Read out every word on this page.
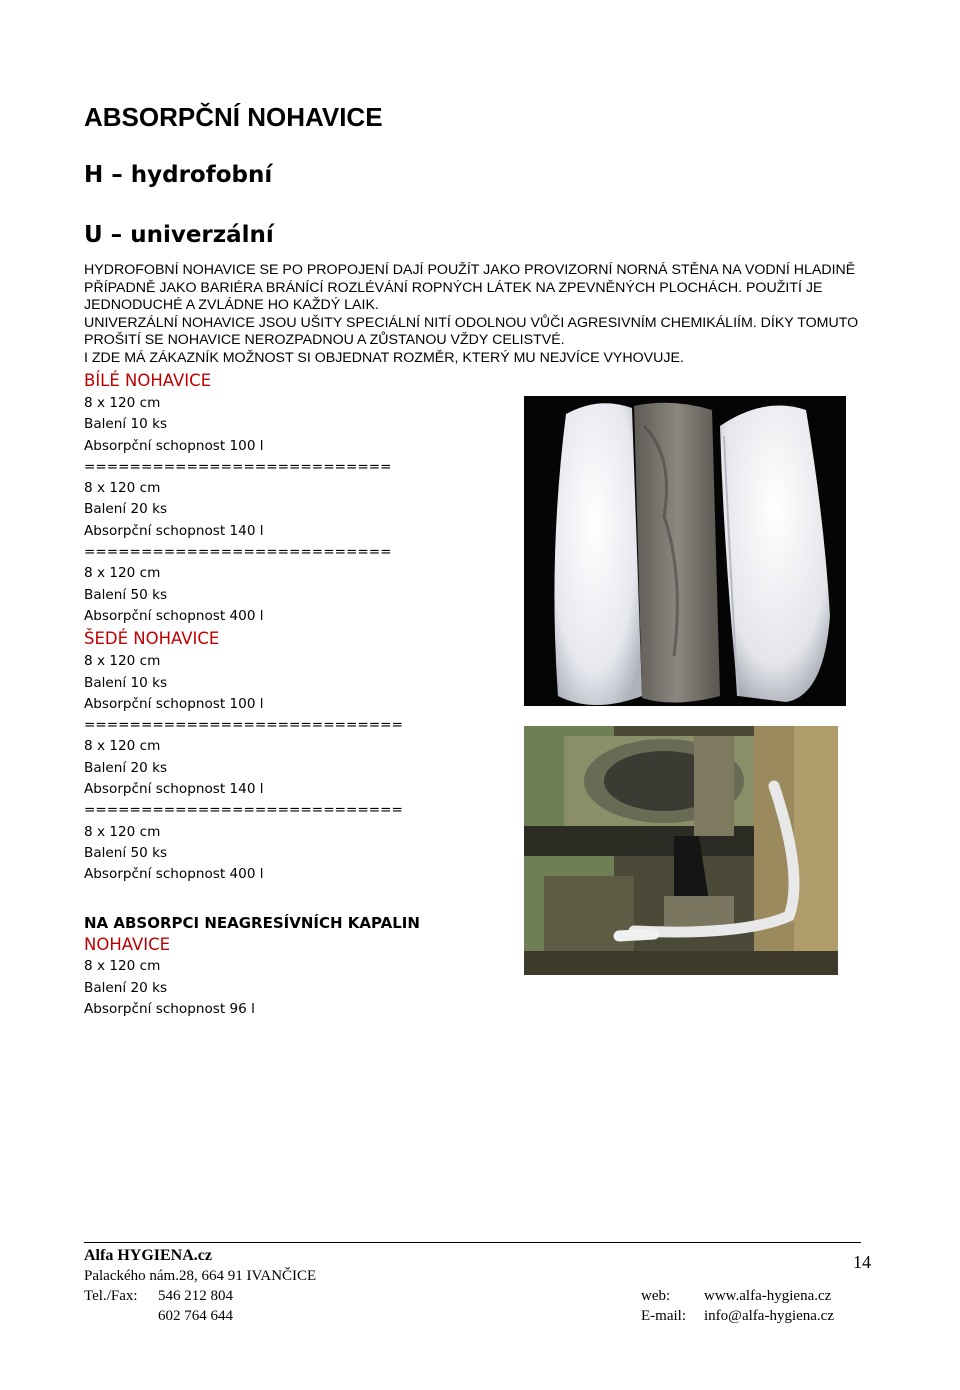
ABSORPČNÍ NOHAVICE
H – hydrofobní
U – univerzální

HYDROFOBNÍ NOHAVICE SE PO PROPOJENÍ DAJÍ POUŽÍT JAKO PROVIZORNÍ NORNÁ STĚNA NA VODNÍ HLADINĚ PŘÍPADNĚ JAKO BARIÉRA BRÁNÍCÍ ROZLÉVÁNÍ ROPNÝCH LÁTEK NA ZPEVNĚNÝCH PLOCHÁCH. POUŽITÍ JE JEDNODUCHÉ A ZVLÁDNE HO KAŽDÝ LAIK.

UNIVERZÁLNÍ NOHAVICE JSOU UŠITY SPECIÁLNÍ NITÍ ODOLNOU VŮČI AGRESIVNÍM CHEMIKÁLIÍM. DÍKY TOMUTO PROŠITÍ SE NOHAVICE NEROZPADNOU A ZŮSTANOU VŽDY CELISTVÉ.

I ZDE MÁ ZÁKAZNÍK MOŽNOST SI OBJEDNAT ROZMĚR, KTERÝ MU NEJVÍCE VYHOVUJE.

BÍLÉ NOHAVICE
8 x 120 cm
Balení 10 ks
Absorpční schopnost 100 l
===========================
8 x 120 cm
Balení 20 ks
Absorpční schopnost 140 l
===========================
8 x 120 cm
Balení 50 ks
Absorpční schopnost 400 l
ŠEDÉ NOHAVICE
8 x 120 cm
Balení 10 ks
Absorpční schopnost 100 l
============================
8 x 120 cm
Balení 20 ks
Absorpční schopnost 140 l
============================
8 x 120 cm
Balení 50 ks
Absorpční schopnost 400 l
NA ABSORPCI NEAGRESÍVNÍCH KAPALIN
NOHAVICE
8 x 120 cm
Balení 20 ks
Absorpční schopnost 96 l
Alfa HYGIENA.cz
Palackého nám.28, 664 91 IVANČICE
Tel./Fax: 546 212 804
602 764 644
web: www.alfa-hygiena.cz
E-mail: info@alfa-hygiena.cz
14
